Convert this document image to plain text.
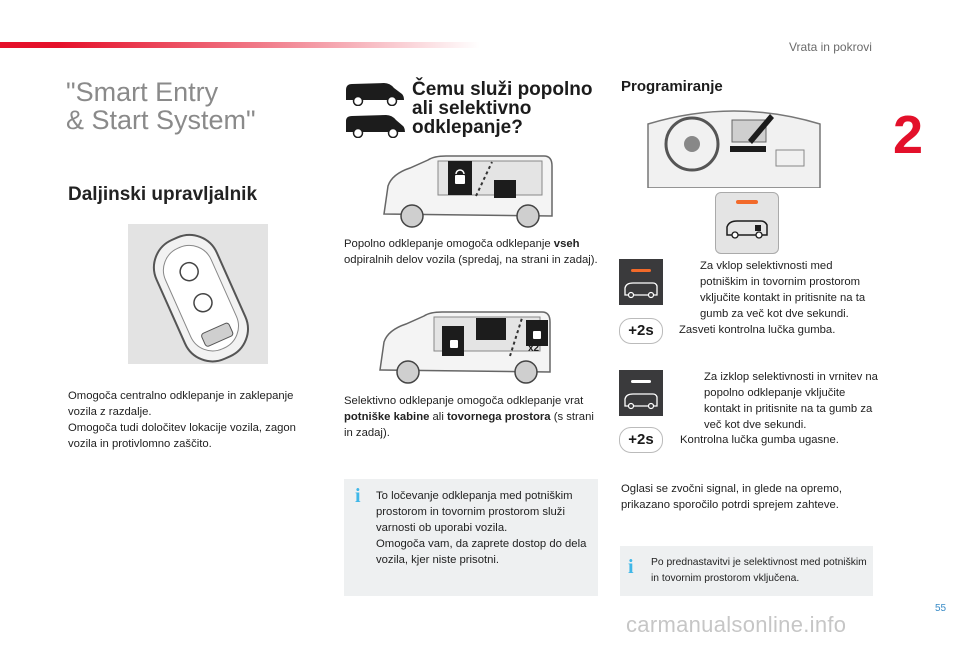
Vrata in pokrovi
2
"Smart Entry
& Start System"
Daljinski upravljalnik
Omogoča centralno odklepanje in zaklepanje vozila z razdalje.
Omogoča tudi določitev lokacije vozila, zagon vozila in protivlomno zaščito.
Čemu služi popolno ali selektivno odklepanje?
Popolno odklepanje omogoča odklepanje vseh odpiralnih delov vozila (spredaj, na strani in zadaj).
x2
Selektivno odklepanje omogoča odklepanje vrat potniške kabine ali tovornega prostora (s strani in zadaj).
i To ločevanje odklepanja med potniškim prostorom in tovornim prostorom služi varnosti ob uporabi vozila.
Omogoča vam, da zaprete dostop do dela vozila, kjer niste prisotni.
Programiranje
+2s
Za vklop selektivnosti med potniškim in tovornim prostorom vključite kontakt in pritisnite na ta gumb za več kot dve sekundi.
Zasveti kontrolna lučka gumba.
+2s
Za izklop selektivnosti in vrnitev na popolno odklepanje vključite kontakt in pritisnite na ta gumb za več kot dve sekundi.
Kontrolna lučka gumba ugasne.
Oglasi se zvočni signal, in glede na opremo, prikazano sporočilo potrdi sprejem zahteve.
i Po prednastavitvi je selektivnost med potniškim in tovornim prostorom vključena.
55
carmanualsonline.info
